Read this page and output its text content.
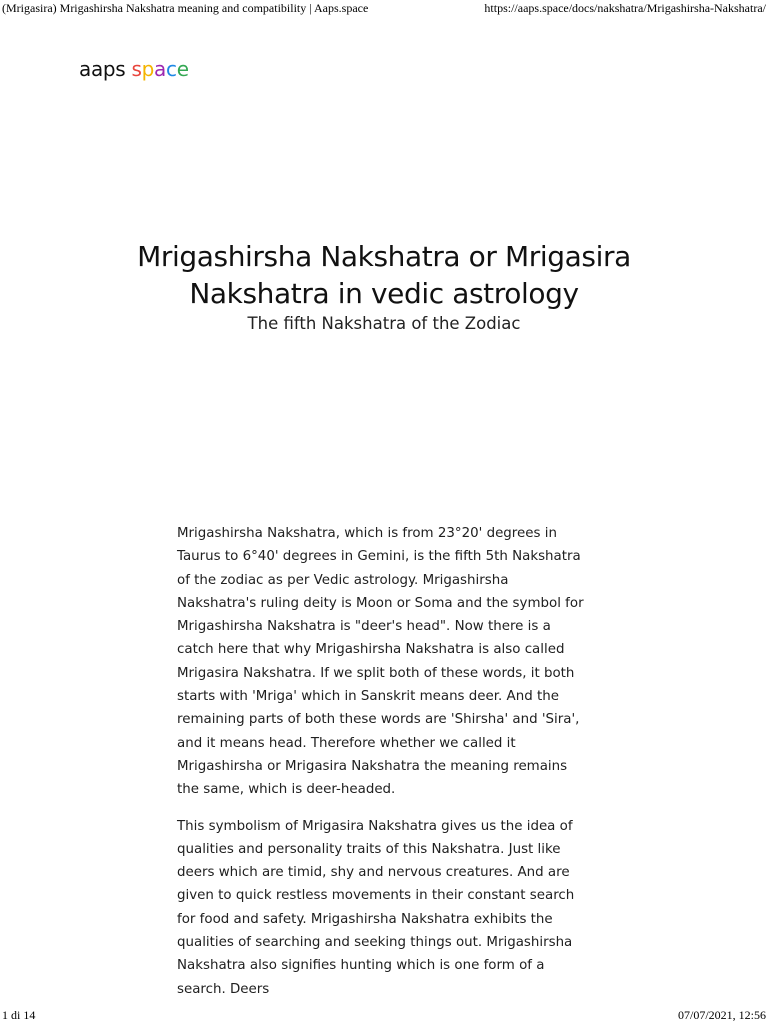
(Mrigasira) Mrigashirsha Nakshatra meaning and compatibility | Aaps.space	https://aaps.space/docs/nakshatra/Mrigashirsha-Nakshatra/
aaps space
Mrigashirsha Nakshatra or Mrigasira Nakshatra in vedic astrology
The fifth Nakshatra of the Zodiac

Mrigashirsha Nakshatra, which is from 23°20' degrees in Taurus to 6°40' degrees in Gemini, is the fifth 5th Nakshatra of the zodiac as per Vedic astrology. Mrigashirsha Nakshatra's ruling deity is Moon or Soma and the symbol for Mrigashirsha Nakshatra is "deer's head". Now there is a catch here that why Mrigashirsha Nakshatra is also called Mrigasira Nakshatra. If we split both of these words, it both starts with 'Mriga' which in Sanskrit means deer. And the remaining parts of both these words are 'Shirsha' and 'Sira', and it means head. Therefore whether we called it Mrigashirsha or Mrigasira Nakshatra the meaning remains the same, which is deer-headed.

This symbolism of Mrigasira Nakshatra gives us the idea of qualities and personality traits of this Nakshatra. Just like deers which are timid, shy and nervous creatures. And are given to quick restless movements in their constant search for food and safety. Mrigashirsha Nakshatra exhibits the qualities of searching and seeking things out. Mrigashirsha Nakshatra also signifies hunting which is one form of a search. Deers

1 di 14	07/07/2021, 12:56
